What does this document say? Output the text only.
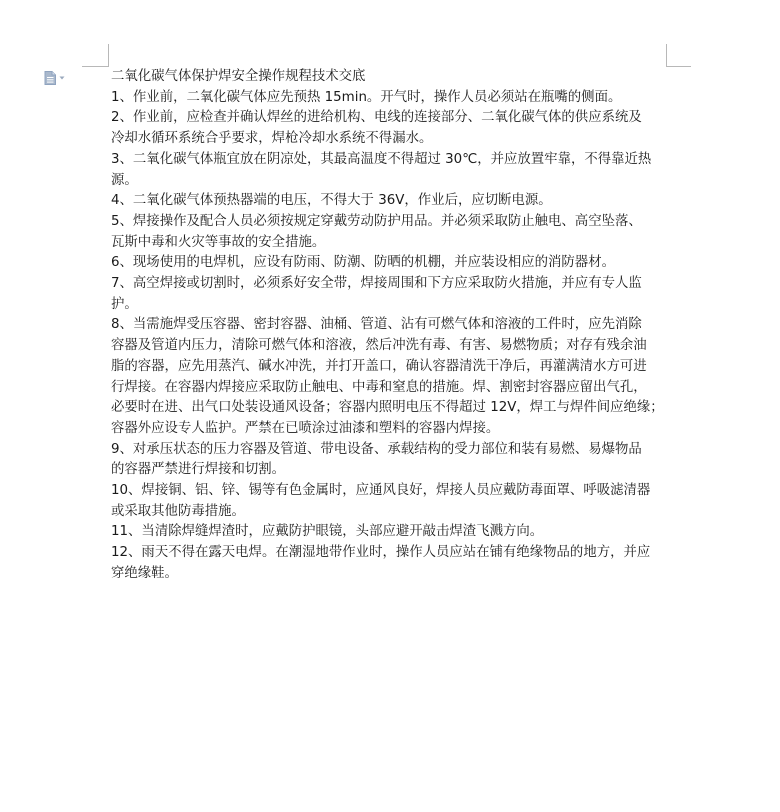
二氧化碳气体保护焊安全操作规程技术交底

1、作业前，二氧化碳气体应先预热 15min。开气时，操作人员必须站在瓶嘴的侧面。

2、作业前，应检查并确认焊丝的进给机构、电线的连接部分、二氧化碳气体的供应系统及

冷却水循环系统合乎要求，焊枪冷却水系统不得漏水。

3、二氧化碳气体瓶宜放在阴凉处，其最高温度不得超过 30℃，并应放置牢靠，不得靠近热

源。

4、二氧化碳气体预热器端的电压，不得大于 36V，作业后，应切断电源。

5、焊接操作及配合人员必须按规定穿戴劳动防护用品。并必须采取防止触电、高空坠落、

瓦斯中毒和火灾等事故的安全措施。

6、现场使用的电焊机，应设有防雨、防潮、防晒的机棚，并应装设相应的消防器材。

7、高空焊接或切割时，必须系好安全带，焊接周围和下方应采取防火措施，并应有专人监

护。

8、当需施焊受压容器、密封容器、油桶、管道、沾有可燃气体和溶液的工件时，应先消除

容器及管道内压力，清除可燃气体和溶液，然后冲洗有毒、有害、易燃物质；对存有残余油

脂的容器，应先用蒸汽、碱水冲洗，并打开盖口，确认容器清洗干净后，再灌满清水方可进

行焊接。在容器内焊接应采取防止触电、中毒和窒息的措施。焊、割密封容器应留出气孔，

必要时在进、出气口处装设通风设备；容器内照明电压不得超过 12V，焊工与焊件间应绝缘；

容器外应设专人监护。严禁在已喷涂过油漆和塑料的容器内焊接。

9、对承压状态的压力容器及管道、带电设备、承载结构的受力部位和装有易燃、易爆物品

的容器严禁进行焊接和切割。

10、焊接铜、铝、锌、锡等有色金属时，应通风良好，焊接人员应戴防毒面罩、呼吸滤清器

或采取其他防毒措施。

11、当清除焊缝焊渣时，应戴防护眼镜，头部应避开敲击焊渣飞溅方向。

12、雨天不得在露天电焊。在潮湿地带作业时，操作人员应站在铺有绝缘物品的地方，并应

穿绝缘鞋。
